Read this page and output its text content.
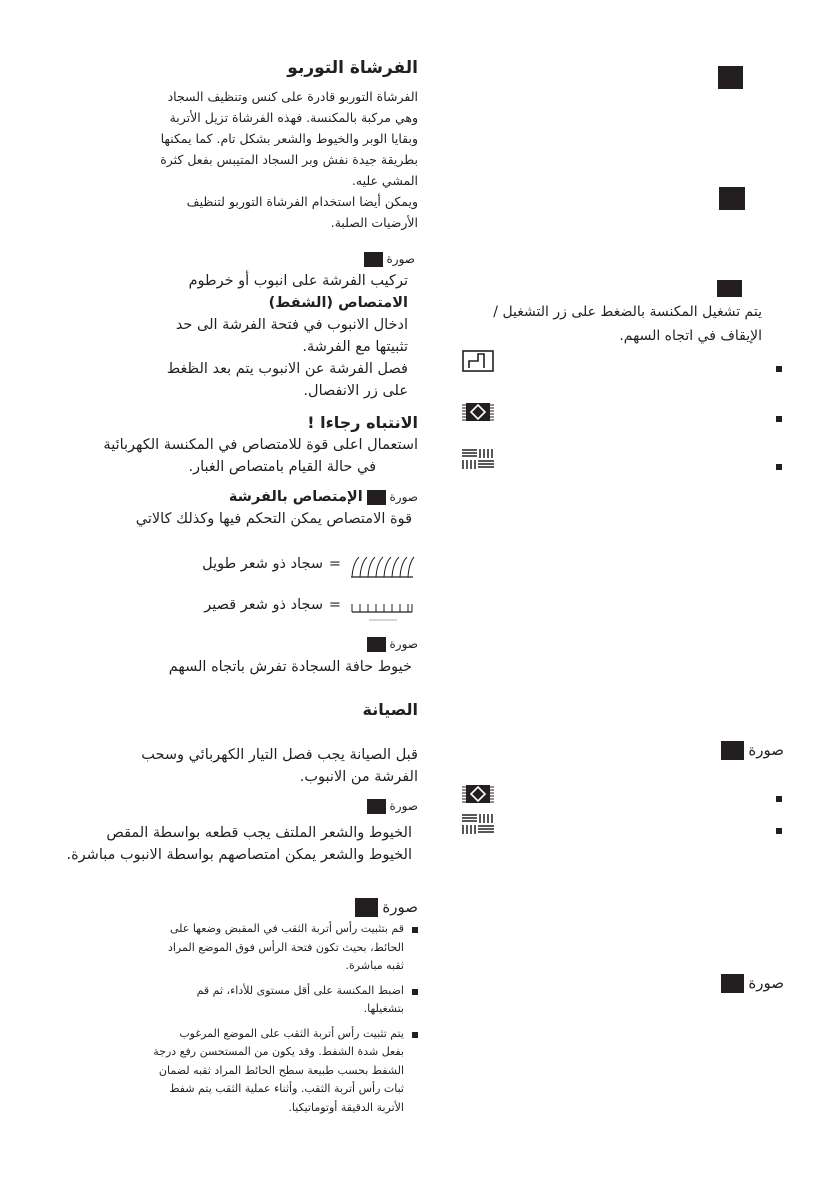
الفرشاة التوربو
الفرشاة التوربو قادرة على كنس وتنظيف السجاد
وهي مركبة بالمكنسة. فهذه الفرشاة تزيل الأتربة
وبقايا الوبر والخيوط والشعر بشكل تام. كما يمكنها
بطريقة جيدة نفش وبر السجاد المتيبس بفعل كثرة
المشي عليه.
ويمكن أيضا استخدام الفرشاة التوربو لتنظيف
الأرضيات الصلبة.
صورة
تركيب الفرشة على انبوب أو خرطوم
الامتصاص (الشفط)
ادخال الانبوب في فتحة الفرشة الى حد
تثبيتها مع الفرشة.
فصل الفرشة عن الانبوب يتم بعد الظغط
على زر الانفصال.
الانتباه رجاءا !
استعمال اعلى قوة للامتصاص في المكنسة الكهربائية
في حالة القيام بامتصاص الغبار.
صورة الإمتصاص بالفرشة
قوة الامتصاص يمكن التحكم فيها وكذلك كالاتي
=
سجاد ذو شعر طويل
=
سجاد ذو شعر قصير
صورة
خيوط حافة السجادة تفرش باتجاه السهم
الصيانة
قبل الصيانة يجب فصل التيار الكهربائي وسحب
الفرشة من الانبوب.
صورة
الخيوط والشعر الملتف يجب قطعه بواسطة المقص
الخيوط والشعر يمكن امتصاصهم بواسطة الانبوب مباشرة.
صورة
قم بتثبيت رأس أتربة الثقب في المقبض وضعها على
الحائط، بحيث تكون فتحة الرأس فوق الموضع المراد
ثقبه مباشرة.
اضبط المكنسة على أقل مستوى للأداء، ثم قم
بتشغيلها.
يتم تثبيت رأس أتربة الثقب على الموضع المرغوب
بفعل شدة الشفط. وقد يكون من المستحسن رفع درجة
الشفط بحسب طبيعة سطح الحائط المراد ثقبه لضمان
ثبات رأس أتربة الثقب. وأثناء عملية الثقب يتم شفط
الأتربة الدقيقة أوتوماتيكيا.
يتم تشغيل المكنسة بالضغط على زر التشغيل /
الإيقاف في اتجاه السهم.
صورة
صورة
